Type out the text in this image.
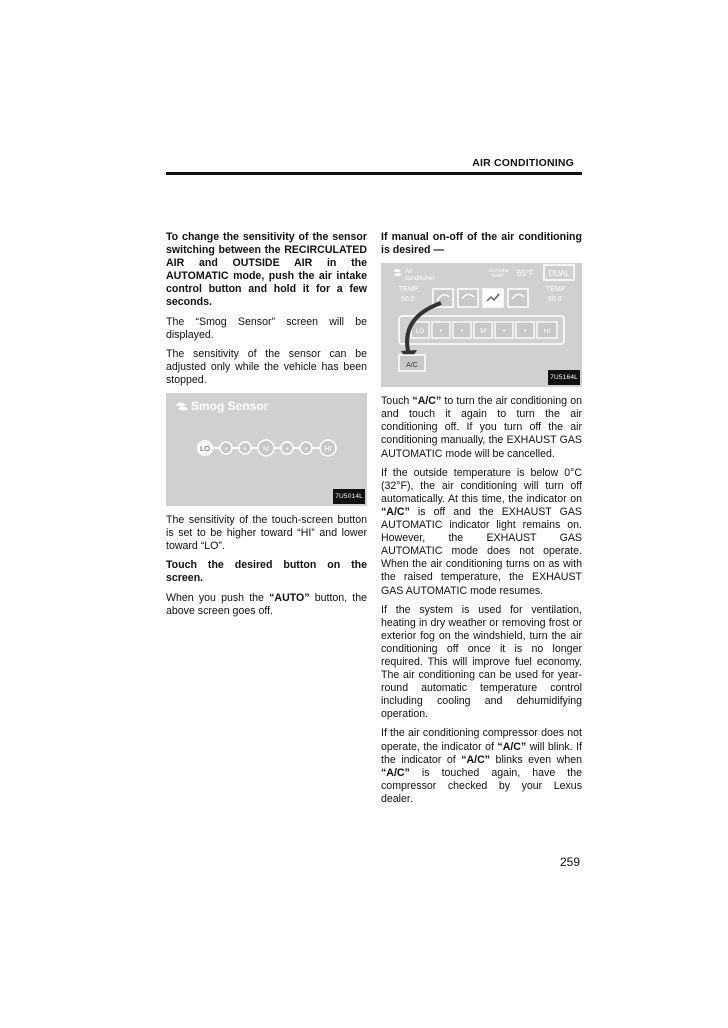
AIR CONDITIONING

To change the sensitivity of the sensor switching between the RECIRCULATED AIR and OUTSIDE AIR in the AUTOMATIC mode, push the air intake control button and hold it for a few seconds.

The “Smog Sensor” screen will be displayed.

The sensitivity of the sensor can be adjusted only while the vehicle has been stopped.

Smog Sensor
LO • • M • • HI
7U5014L

The sensitivity of the touch-screen button is set to be higher toward “HI” and lower toward “LO”.

Touch the desired button on the screen.

When you push the “AUTO” button, the above screen goes off.

If manual on-off of the air conditioning is desired —

Air
conditioner
OUTSIDE
TEMP 65°F DUAL
TEMP
60.0
TEMP
60.0
LO •	• M •	•	HI
A/C
7U5164L

Touch “A/C” to turn the air conditioning on and touch it again to turn the air conditioning off. If you turn off the air conditioning manually, the EXHAUST GAS AUTOMATIC mode will be cancelled.

If the outside temperature is below 0°C (32°F), the air conditioning will turn off automatically. At this time, the indicator on “A/C” is off and the EXHAUST GAS AUTOMATIC indicator light remains on. However, the EXHAUST GAS AUTOMATIC mode does not operate. When the air conditioning turns on as with the raised temperature, the EXHAUST GAS AUTOMATIC mode resumes.

If the system is used for ventilation, heating in dry weather or removing frost or exterior fog on the windshield, turn the air conditioning off once it is no longer required. This will improve fuel economy. The air conditioning can be used for year-round automatic temperature control including cooling and dehumidifying operation.

If the air conditioning compressor does not operate, the indicator of “A/C” will blink. If the indicator of “A/C” blinks even when “A/C” is touched again, have the compressor checked by your Lexus dealer.

259
